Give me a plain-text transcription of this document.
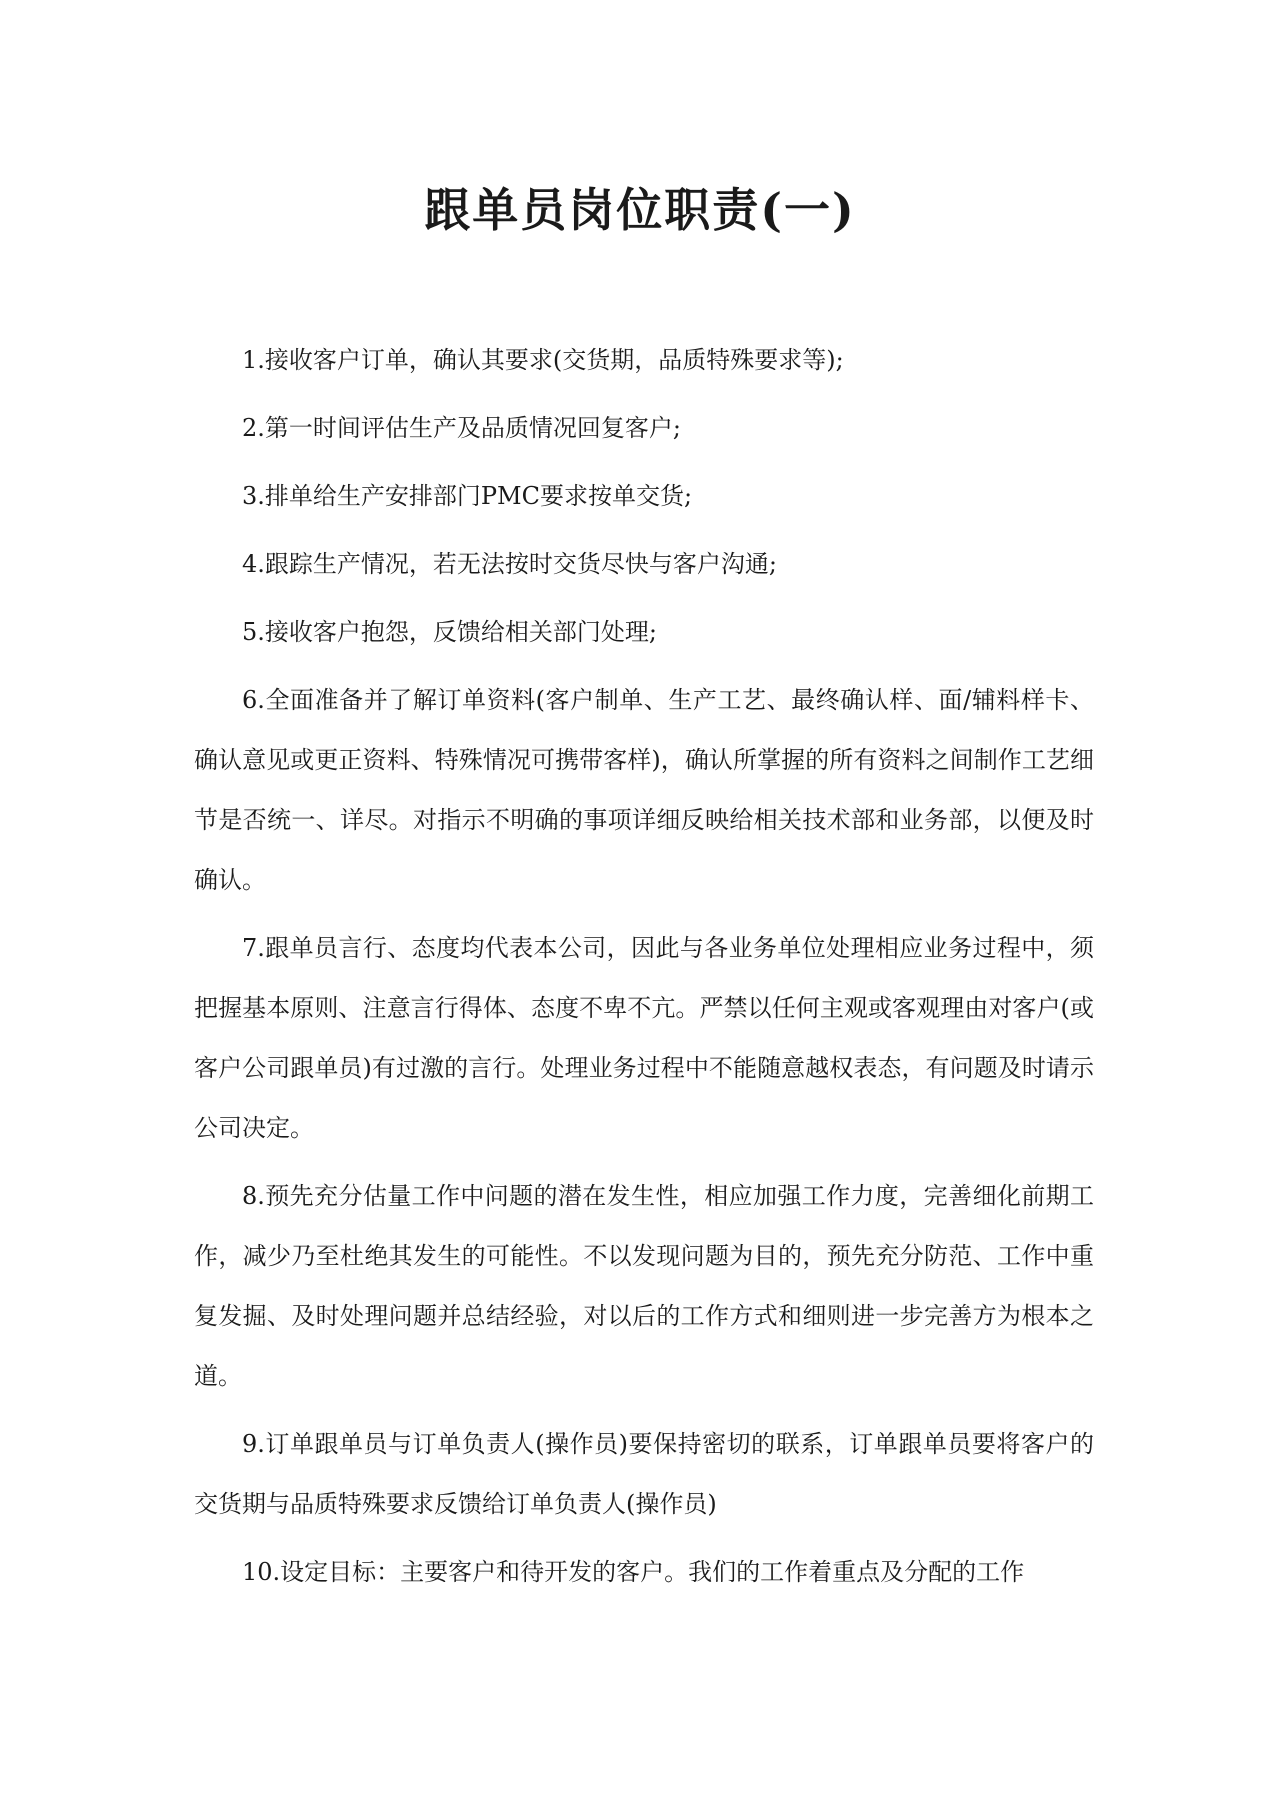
跟单员岗位职责(一)

1.接收客户订单，确认其要求(交货期，品质特殊要求等);

2.第一时间评估生产及品质情况回复客户;

3.排单给生产安排部门PMC要求按单交货;

4.跟踪生产情况，若无法按时交货尽快与客户沟通;

5.接收客户抱怨，反馈给相关部门处理;

6.全面准备并了解订单资料(客户制单、生产工艺、最终确认样、面/辅料样卡、确认意见或更正资料、特殊情况可携带客样)，确认所掌握的所有资料之间制作工艺细节是否统一、详尽。对指示不明确的事项详细反映给相关技术部和业务部，以便及时确认。

7.跟单员言行、态度均代表本公司，因此与各业务单位处理相应业务过程中，须把握基本原则、注意言行得体、态度不卑不亢。严禁以任何主观或客观理由对客户(或客户公司跟单员)有过激的言行。处理业务过程中不能随意越权表态，有问题及时请示公司决定。

8.预先充分估量工作中问题的潜在发生性，相应加强工作力度，完善细化前期工作，减少乃至杜绝其发生的可能性。不以发现问题为目的，预先充分防范、工作中重复发掘、及时处理问题并总结经验，对以后的工作方式和细则进一步完善方为根本之道。

9.订单跟单员与订单负责人(操作员)要保持密切的联系，订单跟单员要将客户的交货期与品质特殊要求反馈给订单负责人(操作员)

10.设定目标：主要客户和待开发的客户。我们的工作着重点及分配的工作
